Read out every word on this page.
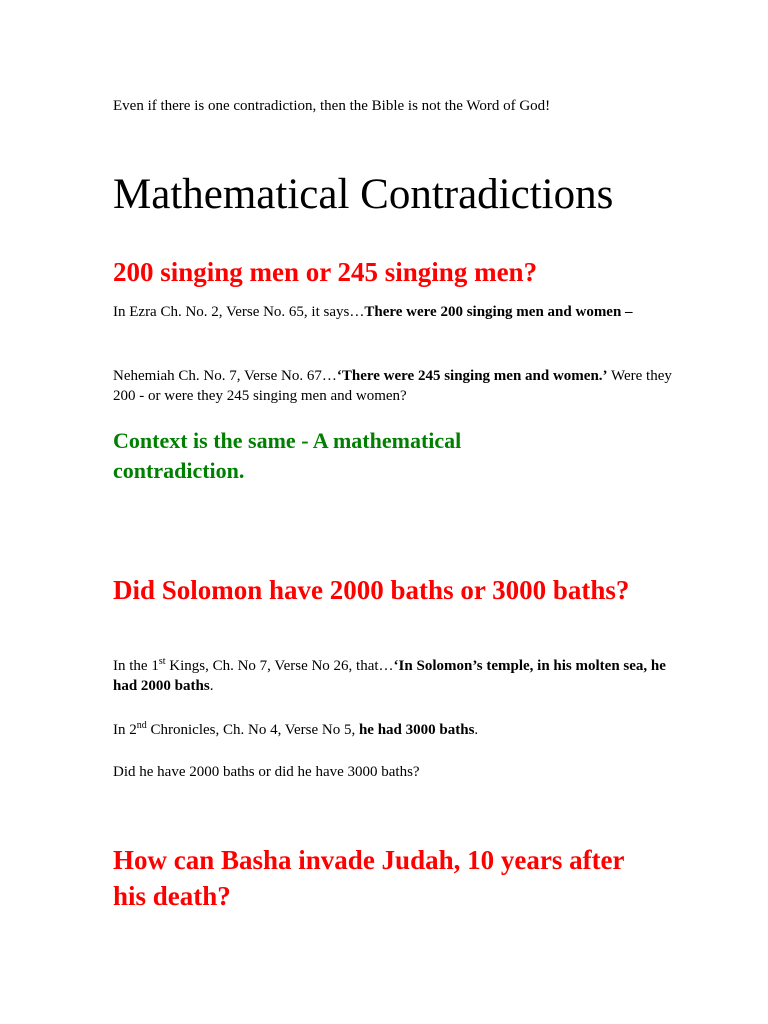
Even if there is one contradiction, then the Bible is not the Word of God!

Mathematical Contradictions
200 singing men or 245 singing men?

In Ezra Ch. No. 2, Verse No. 65, it says…There were 200 singing men and women –

Nehemiah Ch. No. 7, Verse No. 67…‘There were 245 singing men and women.’ Were they 200 - or were they 245 singing men and women?

Context is the same - A mathematical contradiction.
Did Solomon have 2000 baths or 3000 baths?

In the 1st Kings, Ch. No 7, Verse No 26, that…‘In Solomon’s temple, in his molten sea, he had 2000 baths.

In 2nd Chronicles, Ch. No 4, Verse No 5, he had 3000 baths.

Did he have 2000 baths or did he have 3000 baths?

How can Basha invade Judah, 10 years after his death?
